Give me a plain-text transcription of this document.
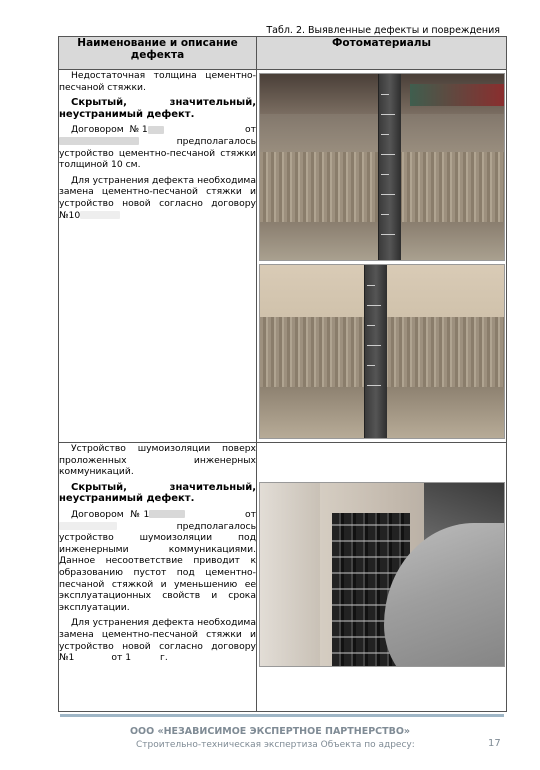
Табл. 2. Выявленные дефекты и повреждения
Наименование и описание дефекта	Фотоматериалы

Недостаточная толщина цементно-песчаной стяжки.

Скрытый, значительный, неустранимый дефект.

Договором №1 от  предполагалось устройство цементно-песчаной стяжки толщиной 10 см.

Для устранения дефекта необходима замена цементно-песчаной стяжки и устройство новой согласно договору №10	

Устройство шумоизоляции поверх проложенных инженерных коммуникаций.

Скрытый, значительный, неустранимый дефект.

Договором №1 от  предполагалось устройство шумоизоляции под инженерными коммуникациями. Данное несоответствие приводит к образованию пустот под цементно-песчаной стяжкой и уменьшению ее эксплуатационных свойств и срока эксплуатации.

Для устранения дефекта необходима замена цементно-песчаной стяжки и устройство новой согласно договору №1 от 1 г.	

ООО «НЕЗАВИСИМОЕ ЭКСПЕРТНОЕ ПАРТНЕРСТВО»
Строительно-техническая экспертиза Объекта по адресу:	17
